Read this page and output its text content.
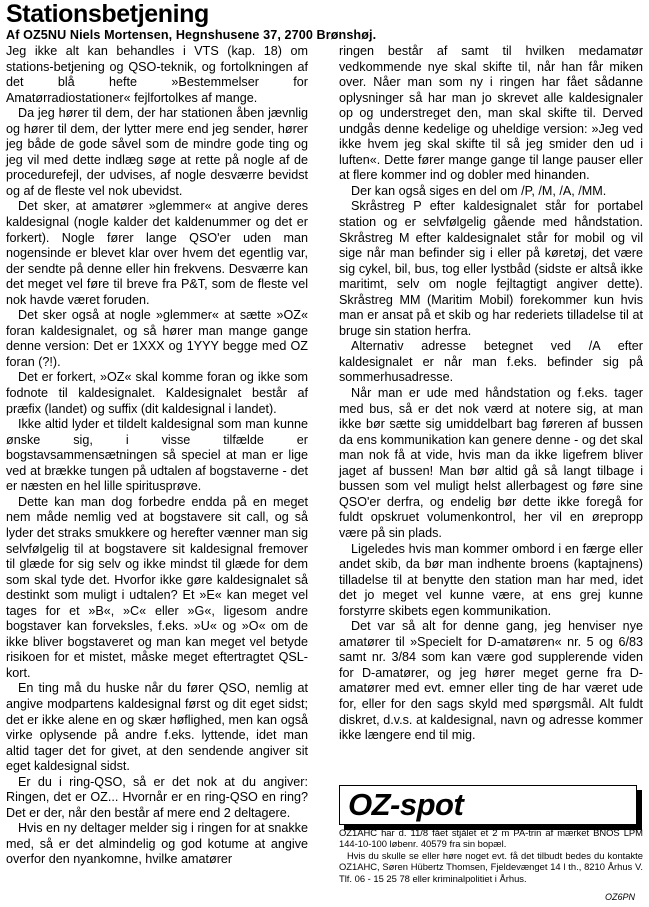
Stationsbetjening
Af OZ5NU Niels Mortensen, Hegnshusene 37, 2700 Brønshøj.

Jeg ikke alt kan behandles i VTS (kap. 18) om stations-betjening og QSO-teknik, og fortolkningen af det blå hefte »Bestemmelser for Amatørradiostationer« fejlfortolkes af mange.

Da jeg hører til dem, der har stationen åben jævnlig og hører til dem, der lytter mere end jeg sender, hører jeg både de gode såvel som de mindre gode ting og jeg vil med dette indlæg søge at rette på nogle af de procedurefejl, der udvises, af nogle desværre bevidst og af de fleste vel nok ubevidst.

Det sker, at amatører »glemmer« at angive deres kaldesignal (nogle kalder det kaldenummer og det er forkert). Nogle fører lange QSO'er uden man nogensinde er blevet klar over hvem det egentlig var, der sendte på denne eller hin frekvens. Desværre kan det meget vel føre til breve fra P&T, som de fleste vel nok havde været foruden.

Det sker også at nogle »glemmer« at sætte »OZ« foran kaldesignalet, og så hører man mange gange denne version: Det er 1XXX og 1YYY begge med OZ foran (?!).

Det er forkert, »OZ« skal komme foran og ikke som fodnote til kaldesignalet. Kaldesignalet består af præfix (landet) og suffix (dit kaldesignal i landet).

Ikke altid lyder et tildelt kaldesignal som man kunne ønske sig, i visse tilfælde er bogstavsammensætningen så speciel at man er lige ved at brække tungen på udtalen af bogstaverne - det er næsten en hel lille spiritusprøve.

Dette kan man dog forbedre endda på en meget nem måde nemlig ved at bogstavere sit call, og så lyder det straks smukkere og herefter vænner man sig selvfølgelig til at bogstavere sit kaldesignal fremover til glæde for sig selv og ikke mindst til glæde for dem som skal tyde det. Hvorfor ikke gøre kaldesignalet så destinkt som muligt i udtalen? Et »E« kan meget vel tages for et »B«, »C« eller »G«, ligesom andre bogstaver kan forveksles, f.eks. »U« og »O« om de ikke bliver bogstaveret og man kan meget vel betyde risikoen for et mistet, måske meget eftertragtet QSL-kort.

En ting må du huske når du fører QSO, nemlig at angive modpartens kaldesignal først og dit eget sidst; det er ikke alene en og skær høflighed, men kan også virke oplysende på andre f.eks. lyttende, idet man altid tager det for givet, at den sendende angiver sit eget kaldesignal sidst.

Er du i ring-QSO, så er det nok at du angiver: Ringen, det er OZ... Hvornår er en ring-QSO en ring? Det er der, når den består af mere end 2 deltagere.

Hvis en ny deltager melder sig i ringen for at snakke med, så er det almindelig og god kotume at angive overfor den nyankomne, hvilke amatører

ringen består af samt til hvilken medamatør vedkommende nye skal skifte til, når han får miken over. Nåer man som ny i ringen har fået sådanne oplysninger så har man jo skrevet alle kaldesignaler op og understreget den, man skal skifte til. Derved undgås denne kedelige og uheldige version: »Jeg ved ikke hvem jeg skal skifte til så jeg smider den ud i luften«. Dette fører mange gange til lange pauser eller at flere kommer ind og dobler med hinanden.

Der kan også siges en del om /P, /M, /A, /MM.

Skråstreg P efter kaldesignalet står for portabel station og er selvfølgelig gående med håndstation. Skråstreg M efter kaldesignalet står for mobil og vil sige når man befinder sig i eller på køretøj, det være sig cykel, bil, bus, tog eller lystbåd (sidste er altså ikke maritimt, selv om nogle fejltagtigt angiver dette). Skråstreg MM (Maritim Mobil) forekommer kun hvis man er ansat på et skib og har rederiets tilladelse til at bruge sin station herfra.

Alternativ adresse betegnet ved /A efter kaldesignalet er når man f.eks. befinder sig på sommerhusadresse.

Når man er ude med håndstation og f.eks. tager med bus, så er det nok værd at notere sig, at man ikke bør sætte sig umiddelbart bag føreren af bussen da ens kommunikation kan genere denne - og det skal man nok få at vide, hvis man da ikke ligefrem bliver jaget af bussen! Man bør altid gå så langt tilbage i bussen som vel muligt helst allerbagest og føre sine QSO'er derfra, og endelig bør dette ikke foregå for fuldt opskruet volumenkontrol, her vil en ørepropp være på sin plads.

Ligeledes hvis man kommer ombord i en færge eller andet skib, da bør man indhente broens (kaptajnens) tilladelse til at benytte den station man har med, idet det jo meget vel kunne være, at ens grej kunne forstyrre skibets egen kommunikation.

Det var så alt for denne gang, jeg henviser nye amatører til »Specielt for D-amatøren« nr. 5 og 6/83 samt nr. 3/84 som kan være god supplerende viden for D-amatører, og jeg hører meget gerne fra D-amatører med evt. emner eller ting de har været ude for, eller for den sags skyld med spørgsmål. Alt fuldt diskret, d.v.s. at kaldesignal, navn og adresse kommer ikke længere end til mig.

OZ-spot

OZ1AHC har d. 11/8 fået stjålet et 2 m PA-trin af mærket BNOS LPM 144-10-100 løbenr. 40579 fra sin bopæl.

Hvis du skulle se eller høre noget evt. få det tilbudt bedes du kontakte OZ1AHC, Søren Hübertz Thomsen, Fjeldevænget 14 l th., 8210 Århus V. Tlf. 06 - 15 25 78 eller kriminalpolitiet i Århus.

OZ6PN
